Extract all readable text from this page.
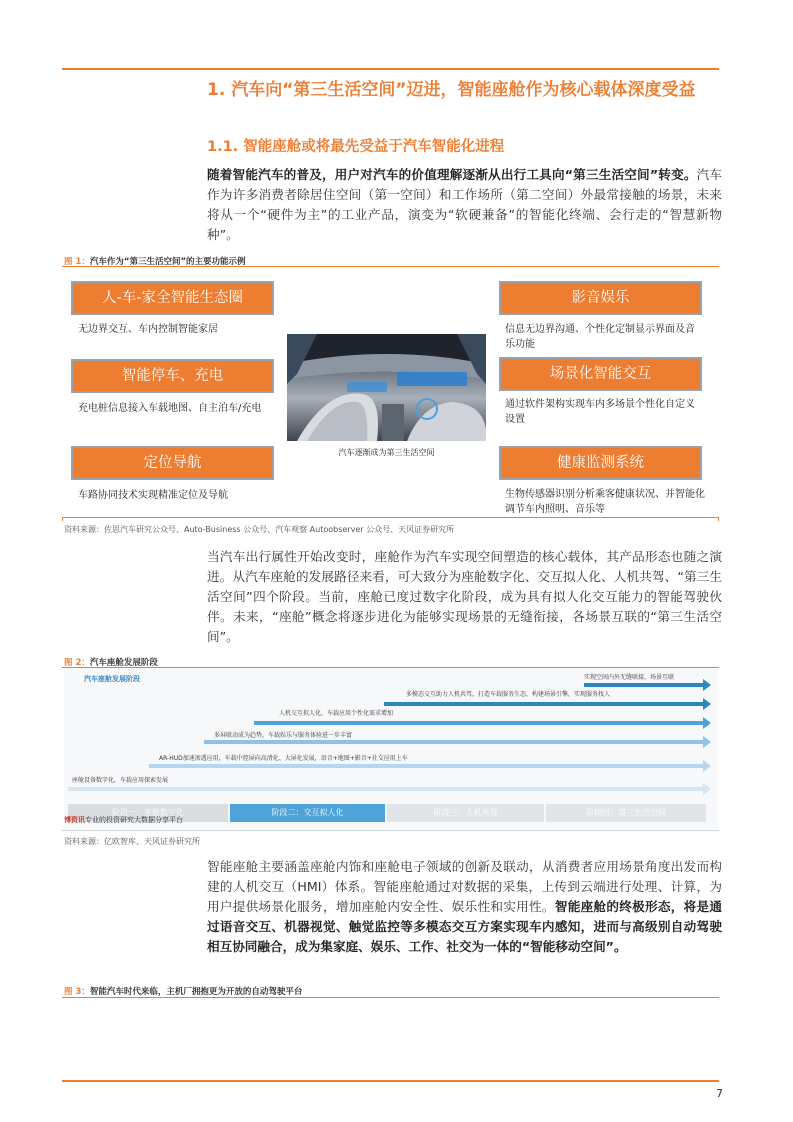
1. 汽车向“第三生活空间”迈进，智能座舱作为核心载体深度受益
1.1. 智能座舱或将最先受益于汽车智能化进程
随着智能汽车的普及，用户对汽车的价值理解逐渐从出行工具向“第三生活空间”转变。汽车作为许多消费者除居住空间（第一空间）和工作场所（第二空间）外最常接触的场景，未来将从一个“硬件为主”的工业产品，演变为“软硬兼备”的智能化终端、会行走的“智慧新物种”。
图 1：汽车作为“第三生活空间”的主要功能示例
人-车-家全智能生态圈
无边界交互、车内控制智能家居
智能停车、充电
充电桩信息接入车载地图、自主泊车/充电
定位导航
车路协同技术实现精准定位及导航
影音娱乐
信息无边界沟通、个性化定制显示界面及音乐功能
场景化智能交互
通过软件架构实现车内多场景个性化自定义设置
健康监测系统
生物传感器识别分析乘客健康状况、并智能化调节车内照明、音乐等
汽车逐渐成为第三生活空间
资料来源：佐思汽车研究公众号、Auto-Business 公众号、汽车观察 Autoobserver 公众号、天风证券研究所
当汽车出行属性开始改变时，座舱作为汽车实现空间塑造的核心载体，其产品形态也随之演进。从汽车座舱的发展路径来看，可大致分为座舱数字化、交互拟人化、人机共驾、“第三生活空间”四个阶段。当前，座舱已度过数字化阶段，成为具有拟人化交互能力的智能驾驶伙伴。未来，“座舱”概念将逐步进化为能够实现场景的无缝衔接，各场景互联的“第三生活空间”。
图 2：汽车座舱发展阶段
汽车座舱发展阶段	实现空间内外无缝联接，场景互联
多模态交互助力人机共驾，打造车载服务生态，构建场景引擎，实现服务找人
人机交互拟人化，车载应用个性化需求增加
多屏联动成为趋势，车载娱乐与服务体验进一步丰富
AR-HUD加速渗透应用，车载中控屏向高清化、大屏化发展，语音+地图+影音+社交应用上车
座舱设备数字化，车载应用探索发展
阶段一：座舱数字化	阶段二：交互拟人化	阶段三：人机共驾	阶段四：第三生活空间
博资讯专业的投资研究大数据分享平台
资料来源：亿欧智库、天风证券研究所
智能座舱主要涵盖座舱内饰和座舱电子领域的创新及联动，从消费者应用场景角度出发而构建的人机交互（HMI）体系。智能座舱通过对数据的采集，上传到云端进行处理、计算，为用户提供场景化服务，增加座舱内安全性、娱乐性和实用性。智能座舱的终极形态，将是通过语音交互、机器视觉、触觉监控等多模态交互方案实现车内感知，进而与高级别自动驾驶相互协同融合，成为集家庭、娱乐、工作、社交为一体的“智能移动空间”。
图 3：智能汽车时代来临，主机厂拥抱更为开放的自动驾驶平台
7
